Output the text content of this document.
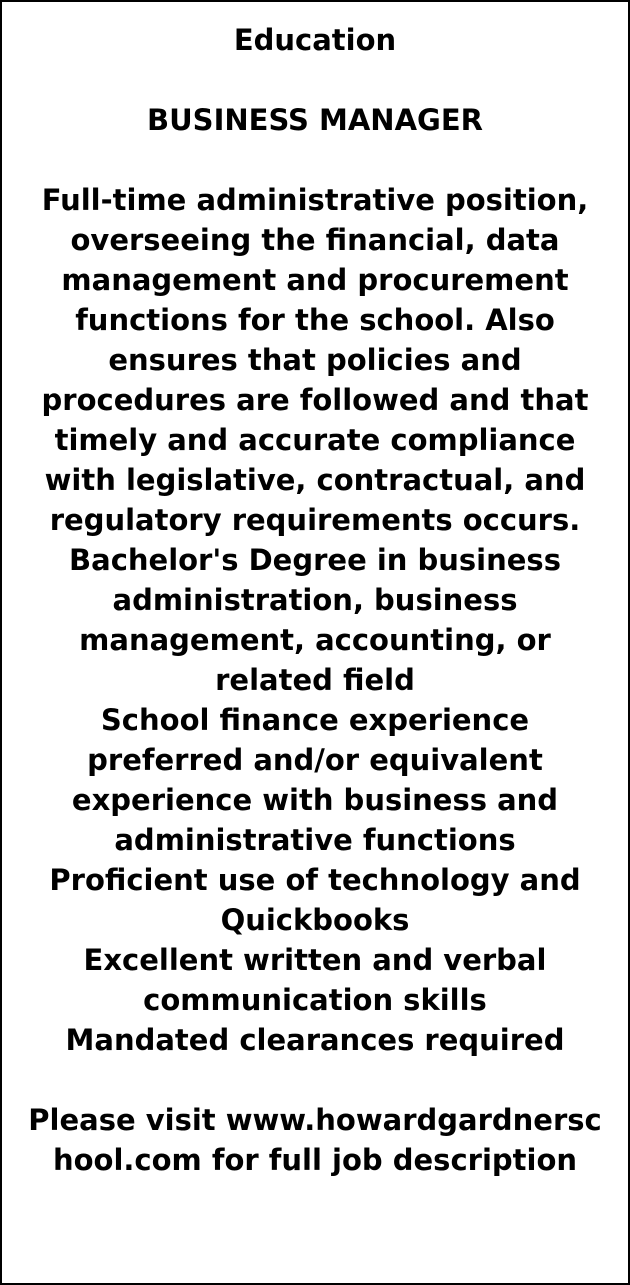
Education

BUSINESS MANAGER

Full-time administrative position, overseeing the financial, data management and procurement functions for the school. Also ensures that policies and procedures are followed and that timely and accurate compliance with legislative, contractual, and regulatory requirements occurs.

Bachelor's Degree in business administration, business management, accounting, or related field

School finance experience preferred and/or equivalent experience with business and administrative functions

Proficient use of technology and Quickbooks

Excellent written and verbal communication skills

Mandated clearances required

Please visit www.howardgardnerschool.com for full job description
